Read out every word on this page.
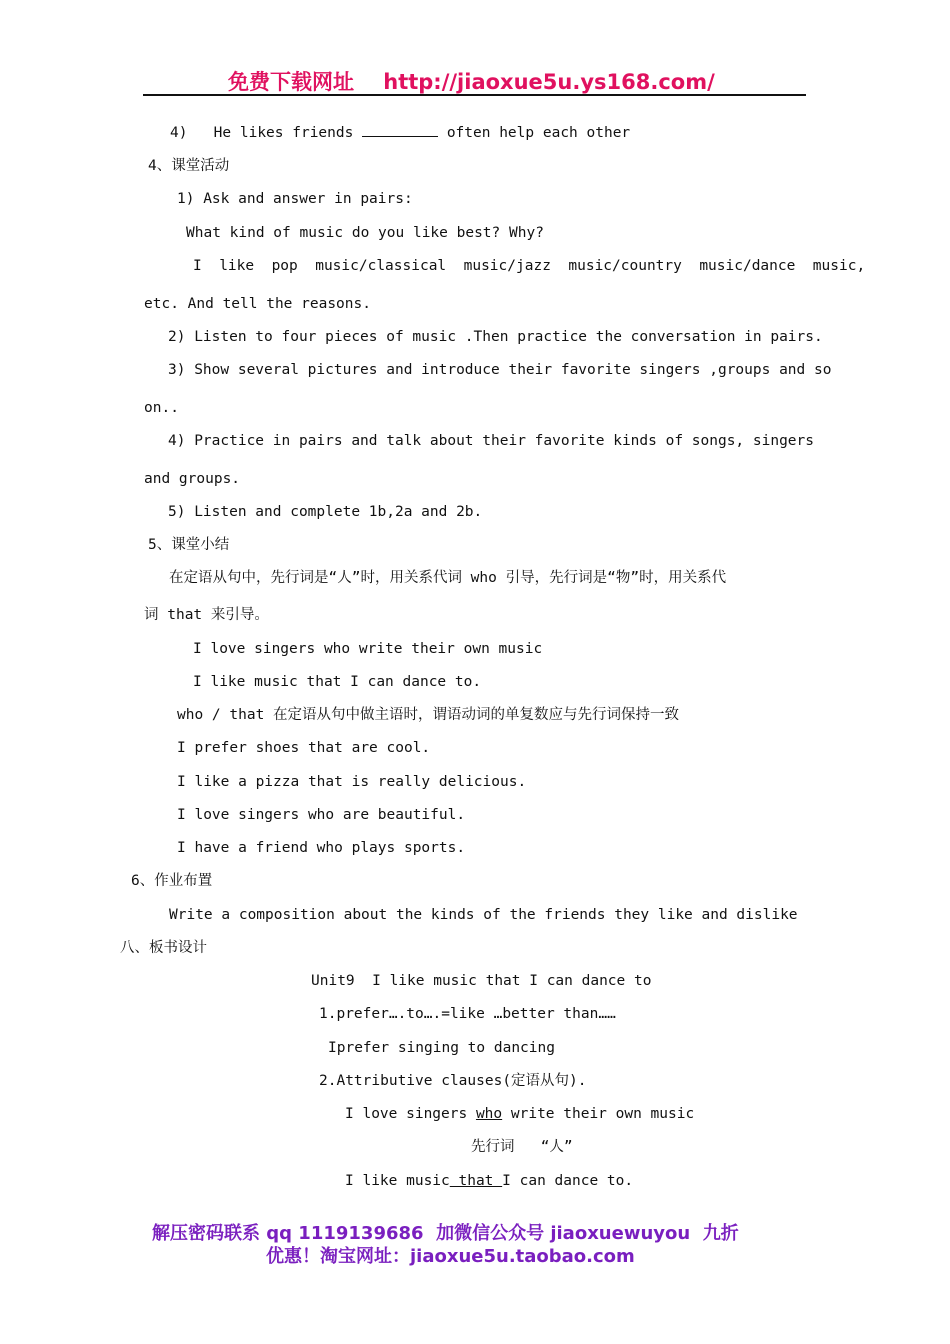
免费下载网址 http://jiaoxue5u.ys168.com/
4) He likes friends	often help each other
4、课堂活动
1) Ask and answer in pairs:
What kind of music do you like best? Why?
I  like  pop  music/classical  music/jazz  music/country  music/dance  music,
etc. And tell the reasons.
2) Listen to four pieces of music .Then practice the conversation in pairs.
3) Show several pictures and introduce their favorite singers ,groups and so
on..
4) Practice in pairs and talk about their favorite kinds of songs, singers
and groups.
5) Listen and complete 1b,2a and 2b.
5、课堂小结
在定语从句中，先行词是“人”时，用关系代词 who 引导，先行词是“物”时，用关系代
词 that 来引导。
I love singers who write their own music
I like music that I can dance to.
who / that 在定语从句中做主语时，谓语动词的单复数应与先行词保持一致
I prefer shoes that are cool.
I like a pizza that is really delicious.
I love singers who are beautiful.
I have a friend who plays sports.
6、作业布置
Write a composition about the kinds of the friends they like and dislike
八、板书设计
Unit9  I like music that I can dance to
1.prefer….to….=like …better than……
Iprefer singing to dancing
2.Attributive clauses(定语从句).
I love singers who write their own music
先行词   “人”
I like music that I can dance to.
解压密码联系 qq 1119139686  加微信公众号 jiaoxuewuyou  九折
优惠！淘宝网址：jiaoxue5u.taobao.com
